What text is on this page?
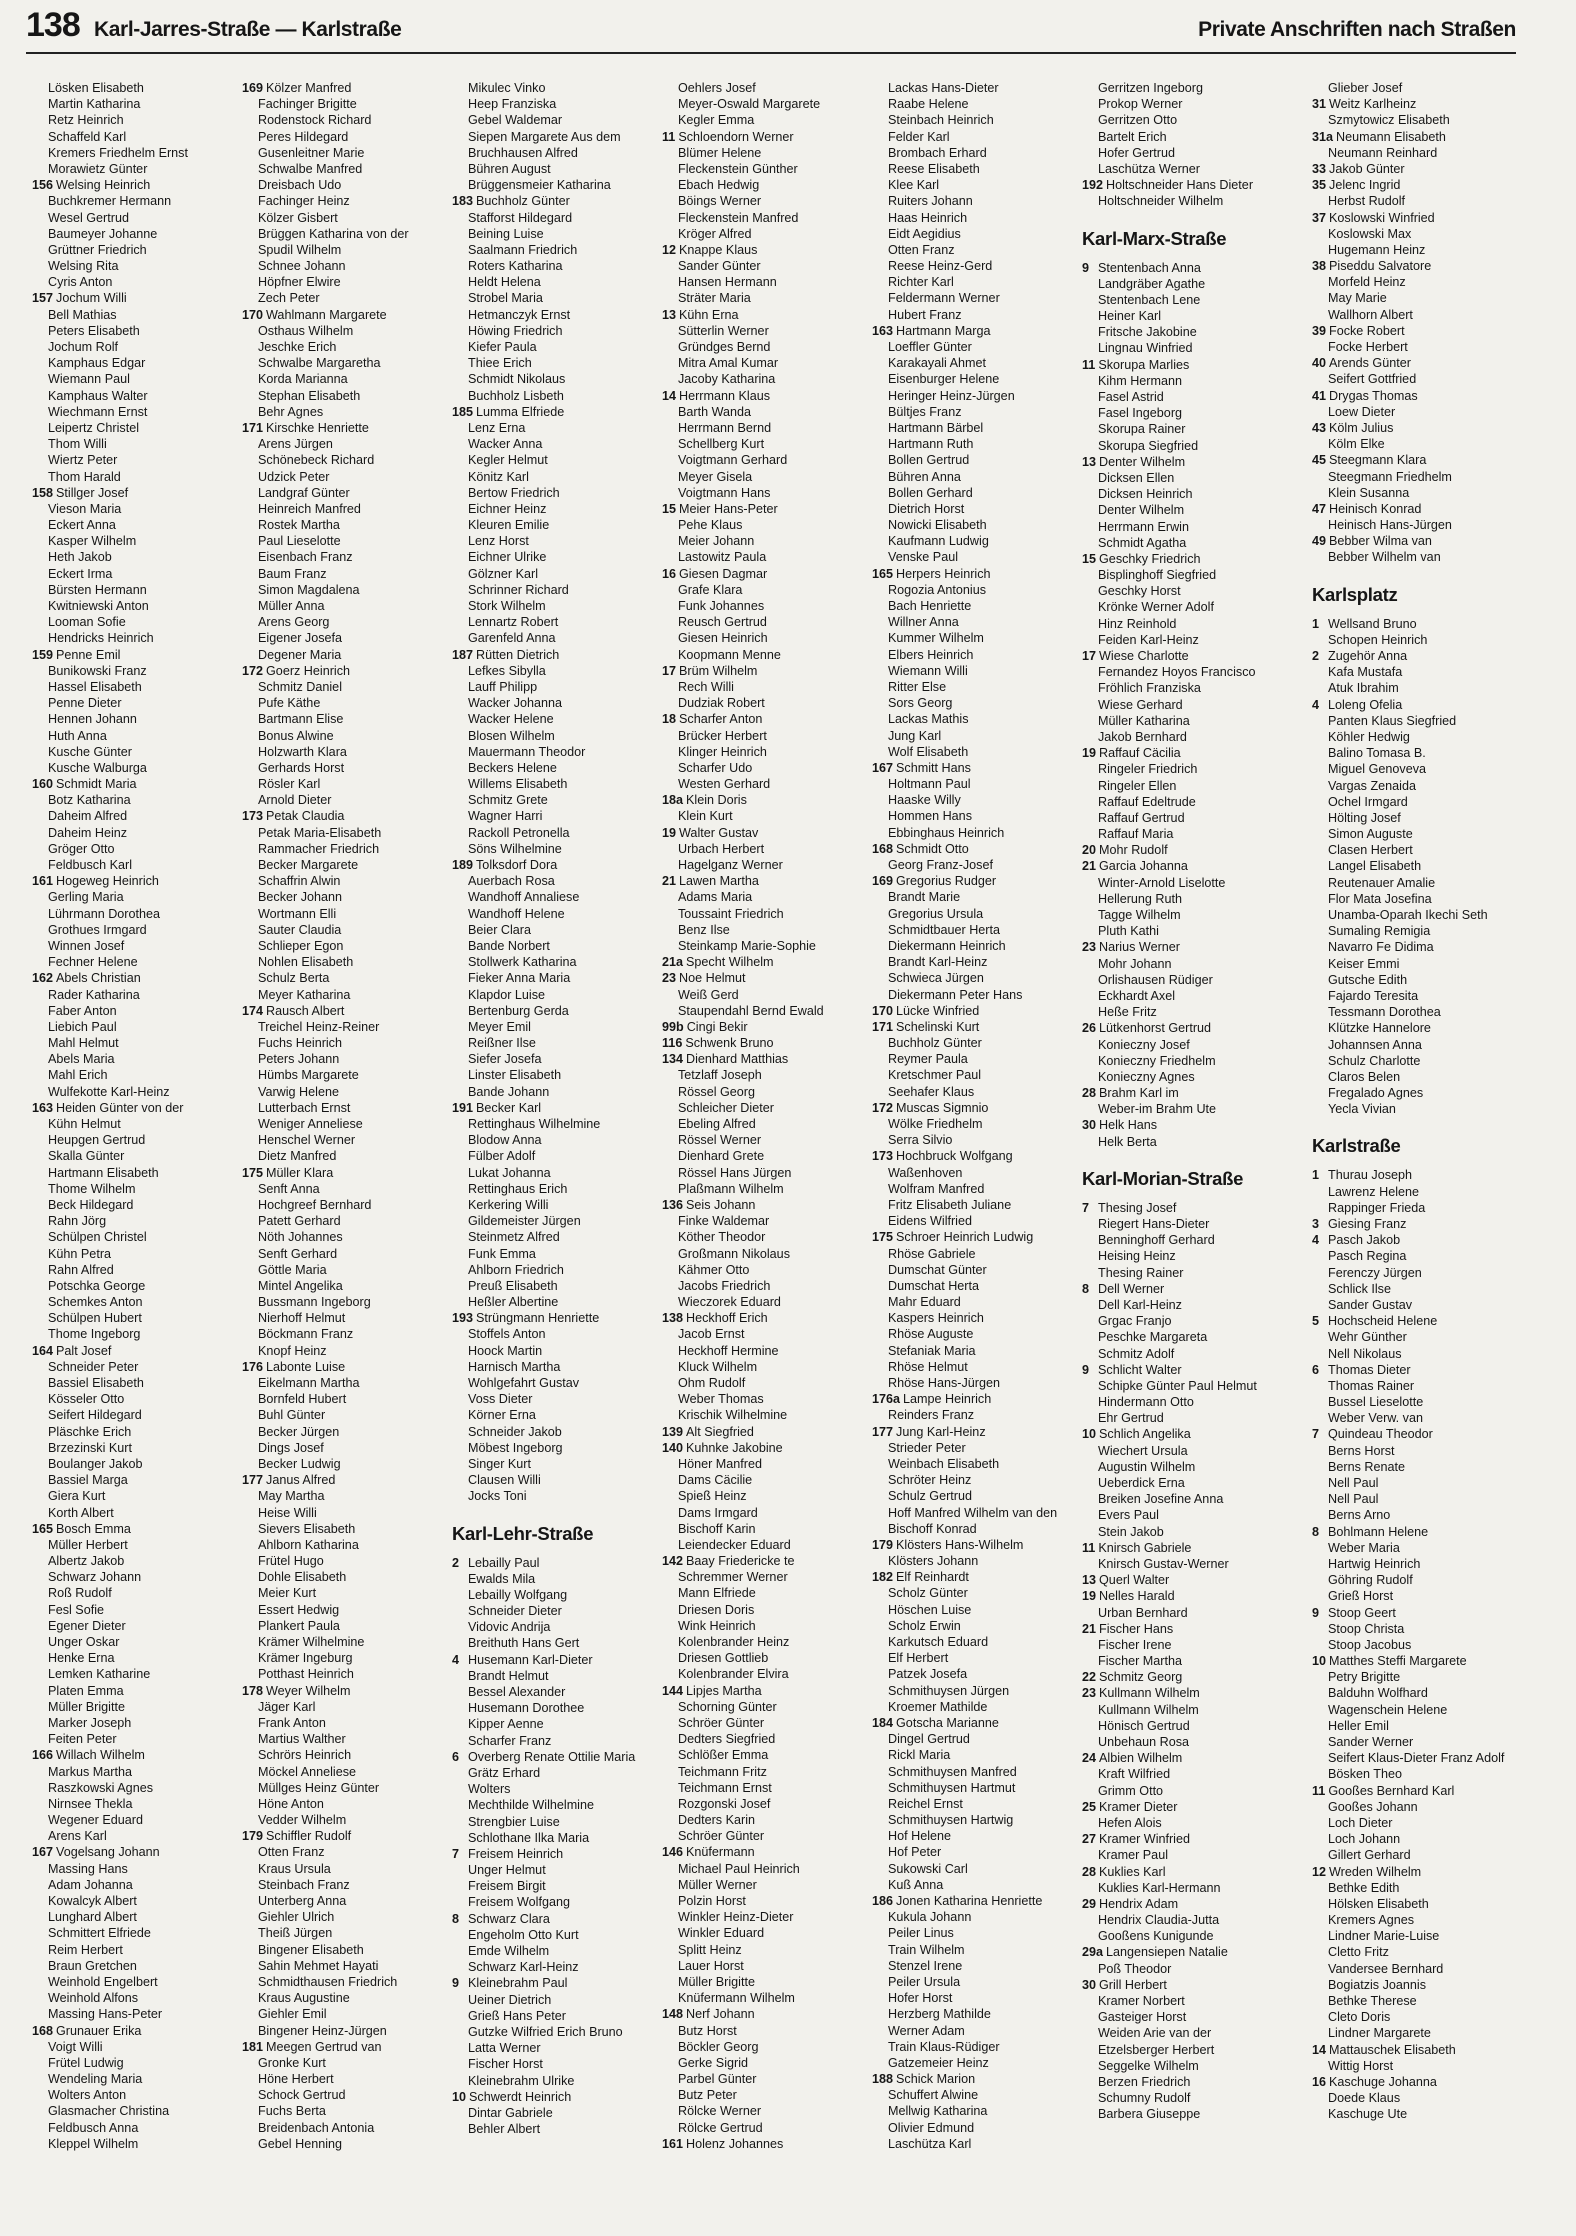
138 Karl-Jarres-Straße — Karlstraße	Private Anschriften nach Straßen
Lösken Elisabeth
Martin Katharina
Retz Heinrich
Schaffeld Karl
Kremers Friedhelm Ernst
Morawietz Günter
156 Welsing Heinrich
Buchkremer Hermann
Wesel Gertrud
Baumeyer Johanne
Grüttner Friedrich
Welsing Rita
Cyris Anton
157 Jochum Willi
Bell Mathias
Peters Elisabeth
Jochum Rolf
Kamphaus Edgar
Wiemann Paul
Kamphaus Walter
Wiechmann Ernst
Leipertz Christel
Thom Willi
Wiertz Peter
Thom Harald
158 Stillger Josef
Vieson Maria
Eckert Anna
Kasper Wilhelm
Heth Jakob
Eckert Irma
Bürsten Hermann
Kwitniewski Anton
Looman Sofie
Hendricks Heinrich
159 Penne Emil
Bunikowski Franz
Hassel Elisabeth
Penne Dieter
Hennen Johann
Huth Anna
Kusche Günter
Kusche Walburga
160 Schmidt Maria
Botz Katharina
Daheim Alfred
Daheim Heinz
Gröger Otto
Feldbusch Karl
161 Hogeweg Heinrich
Gerling Maria
Lührmann Dorothea
Grothues Irmgard
Winnen Josef
Fechner Helene
162 Abels Christian
Rader Katharina
Faber Anton
Liebich Paul
Mahl Helmut
Abels Maria
Mahl Erich
Wulfekotte Karl-Heinz
163 Heiden Günter von der
Kühn Helmut
Heupgen Gertrud
Skalla Günter
Hartmann Elisabeth
Thome Wilhelm
Beck Hildegard
Rahn Jörg
Schülpen Christel
Kühn Petra
Rahn Alfred
Potschka George
Schemkes Anton
Schülpen Hubert
Thome Ingeborg
164 Palt Josef
Schneider Peter
Bassiel Elisabeth
Kösseler Otto
Seifert Hildegard
Pläschke Erich
Brzezinski Kurt
Boulanger Jakob
Bassiel Marga
Giera Kurt
Korth Albert
165 Bosch Emma
Müller Herbert
Albertz Jakob
Schwarz Johann
Roß Rudolf
Fesl Sofie
Egener Dieter
Unger Oskar
Henke Erna
Lemken Katharine
Platen Emma
Müller Brigitte
Marker Joseph
Feiten Peter
166 Willach Wilhelm
Markus Martha
Raszkowski Agnes
Nirnsee Thekla
Wegener Eduard
Arens Karl
167 Vogelsang Johann
Massing Hans
Adam Johanna
Kowalcyk Albert
Lunghard Albert
Schmittert Elfriede
Reim Herbert
Braun Gretchen
Weinhold Engelbert
Weinhold Alfons
Massing Hans-Peter
168 Grunauer Erika
Voigt Willi
Frütel Ludwig
Wendeling Maria
Wolters Anton
Glasmacher Christina
Feldbusch Anna
Kleppel Wilhelm
169 Kölzer Manfred
Fachinger Brigitte
Rodenstock Richard
Peres Hildegard
Gusenleitner Marie
Schwalbe Manfred
Dreisbach Udo
Fachinger Heinz
Kölzer Gisbert
Brüggen Katharina von der
Spudil Wilhelm
Schnee Johann
Höpfner Elwire
Zech Peter
170 Wahlmann Margarete
Osthaus Wilhelm
Jeschke Erich
Schwalbe Margaretha
Korda Marianna
Stephan Elisabeth
Behr Agnes
171 Kirschke Henriette
Arens Jürgen
Schönebeck Richard
Udzick Peter
Landgraf Günter
Heinreich Manfred
Rostek Martha
Paul Lieselotte
Eisenbach Franz
Baum Franz
Simon Magdalena
Müller Anna
Arens Georg
Eigener Josefa
Degener Maria
172 Goerz Heinrich
Schmitz Daniel
Pufe Käthe
Bartmann Elise
Bonus Alwine
Holzwarth Klara
Gerhards Horst
Rösler Karl
Arnold Dieter
173 Petak Claudia
Petak Maria-Elisabeth
Rammacher Friedrich
Becker Margarete
Schaffrin Alwin
Becker Johann
Wortmann Elli
Sauter Claudia
Schlieper Egon
Nohlen Elisabeth
Schulz Berta
Meyer Katharina
174 Rausch Albert
Treichel Heinz-Reiner
Fuchs Heinrich
Peters Johann
Hümbs Margarete
Varwig Helene
Lutterbach Ernst
Weniger Anneliese
Henschel Werner
Dietz Manfred
175 Müller Klara
Senft Anna
Hochgreef Bernhard
Patett Gerhard
Nöth Johannes
Senft Gerhard
Göttle Maria
Mintel Angelika
Bussmann Ingeborg
Nierhoff Helmut
Böckmann Franz
Knopf Heinz
176 Labonte Luise
Eikelmann Martha
Bornfeld Hubert
Buhl Günter
Becker Jürgen
Dings Josef
Becker Ludwig
177 Janus Alfred
May Martha
Heise Willi
Sievers Elisabeth
Ahlborn Katharina
Frütel Hugo
Dohle Elisabeth
Meier Kurt
Essert Hedwig
Plankert Paula
Krämer Wilhelmine
Krämer Ingeburg
Potthast Heinrich
178 Weyer Wilhelm
Jäger Karl
Frank Anton
Martius Walther
Schrörs Heinrich
Möckel Anneliese
Müllges Heinz Günter
Höne Anton
Vedder Wilhelm
179 Schiffler Rudolf
Otten Franz
Kraus Ursula
Steinbach Franz
Unterberg Anna
Giehler Ulrich
Theiß Jürgen
Bingener Elisabeth
Sahin Mehmet Hayati
Schmidthausen Friedrich
Kraus Augustine
Giehler Emil
Bingener Heinz-Jürgen
181 Meegen Gertrud van
Gronke Kurt
Höne Herbert
Schock Gertrud
Fuchs Berta
Breidenbach Antonia
Gebel Henning
Mikulec Vinko
Heep Franziska
Gebel Waldemar
Siepen Margarete Aus dem
Bruchhausen Alfred
Bühren August
Brüggensmeier Katharina
183 Buchholz Günter
Stafforst Hildegard
Beining Luise
Saalmann Friedrich
Roters Katharina
Heldt Helena
Strobel Maria
Hetmanczyk Ernst
Höwing Friedrich
Kiefer Paula
Thiee Erich
Schmidt Nikolaus
Buchholz Lisbeth
185 Lumma Elfriede
Lenz Erna
Wacker Anna
Kegler Helmut
Könitz Karl
Bertow Friedrich
Eichner Heinz
Kleuren Emilie
Lenz Horst
Eichner Ulrike
Gölzner Karl
Schrinner Richard
Stork Wilhelm
Lennartz Robert
Garenfeld Anna
187 Rütten Dietrich
Lefkes Sibylla
Lauff Philipp
Wacker Johanna
Wacker Helene
Blosen Wilhelm
Mauermann Theodor
Beckers Helene
Willems Elisabeth
Schmitz Grete
Wagner Harri
Rackoll Petronella
Söns Wilhelmine
189 Tolksdorf Dora
Auerbach Rosa
Wandhoff Annaliese
Wandhoff Helene
Beier Clara
Bande Norbert
Stollwerk Katharina
Fieker Anna Maria
Klapdor Luise
Bertenburg Gerda
Meyer Emil
Reißner Ilse
Siefer Josefa
Linster Elisabeth
Bande Johann
191 Becker Karl
Rettinghaus Wilhelmine
Blodow Anna
Fülber Adolf
Lukat Johanna
Rettinghaus Erich
Kerkering Willi
Gildemeister Jürgen
Steinmetz Alfred
Funk Emma
Ahlborn Friedrich
Preuß Elisabeth
Heßler Albertine
193 Strüngmann Henriette
Stoffels Anton
Hoock Martin
Harnisch Martha
Wohlgefahrt Gustav
Voss Dieter
Körner Erna
Schneider Jakob
Möbest Ingeborg
Singer Kurt
Clausen Willi
Jocks Toni
Karl-Lehr-Straße
2 Lebailly Paul
Ewalds Mila
Lebailly Wolfgang
Schneider Dieter
Vidovic Andrija
Breithuth Hans Gert
4 Husemann Karl-Dieter
Brandt Helmut
Bessel Alexander
Husemann Dorothee
Kipper Aenne
Scharfer Franz
6 Overberg Renate Ottilie Maria
Grätz Erhard
Wolters
Mechthilde Wilhelmine
Strengbier Luise
Schlothane Ilka Maria
7 Freisem Heinrich
Unger Helmut
Freisem Birgit
Freisem Wolfgang
8 Schwarz Clara
Engeholm Otto Kurt
Emde Wilhelm
Schwarz Karl-Heinz
9 Kleinebrahm Paul
Ueiner Dietrich
Grieß Hans Peter
Gutzke Wilfried Erich Bruno
Latta Werner
Fischer Horst
Kleinebrahm Ulrike
10 Schwerdt Heinrich
Dintar Gabriele
Behler Albert
Oehlers Josef
Meyer-Oswald Margarete
Kegler Emma
11 Schloendorn Werner
Blümer Helene
Fleckenstein Günther
Ebach Hedwig
Böings Werner
Fleckenstein Manfred
Kröger Alfred
12 Knappe Klaus
Sander Günter
Hansen Hermann
Sträter Maria
13 Kühn Erna
Sütterlin Werner
Gründges Bernd
Mitra Amal Kumar
Jacoby Katharina
14 Herrmann Klaus
Barth Wanda
Herrmann Bernd
Schellberg Kurt
Voigtmann Gerhard
Meyer Gisela
Voigtmann Hans
15 Meier Hans-Peter
Pehe Klaus
Meier Johann
Lastowitz Paula
16 Giesen Dagmar
Grafe Klara
Funk Johannes
Reusch Gertrud
Giesen Heinrich
Koopmann Menne
17 Brüm Wilhelm
Rech Willi
Dudziak Robert
18 Scharfer Anton
Brücker Herbert
Klinger Heinrich
Scharfer Udo
Westen Gerhard
18a Klein Doris
Klein Kurt
19 Walter Gustav
Urbach Herbert
Hagelganz Werner
21 Lawen Martha
Adams Maria
Toussaint Friedrich
Benz Ilse
Steinkamp Marie-Sophie
21a Specht Wilhelm
23 Noe Helmut
Weiß Gerd
Staupendahl Bernd Ewald
99b Cingi Bekir
116 Schwenk Bruno
134 Dienhard Matthias
Tetzlaff Joseph
Rössel Georg
Schleicher Dieter
Ebeling Alfred
Rössel Werner
Dienhard Grete
Rössel Hans Jürgen
Plaßmann Wilhelm
136 Seis Johann
Finke Waldemar
Köther Theodor
Großmann Nikolaus
Kähmer Otto
Jacobs Friedrich
Wieczorek Eduard
138 Heckhoff Erich
Jacob Ernst
Heckhoff Hermine
Kluck Wilhelm
Ohm Rudolf
Weber Thomas
Krischik Wilhelmine
139 Alt Siegfried
140 Kuhnke Jakobine
Höner Manfred
Dams Cäcilie
Spieß Heinz
Dams Irmgard
Bischoff Karin
Leiendecker Eduard
142 Baay Friedericke te
Schremmer Werner
Mann Elfriede
Driesen Doris
Wink Heinrich
Kolenbrander Heinz
Driesen Gottlieb
Kolenbrander Elvira
144 Lipjes Martha
Schorning Günter
Schröer Günter
Dedters Siegfried
Schlößer Emma
Teichmann Fritz
Teichmann Ernst
Rozgonski Josef
Dedters Karin
Schröer Günter
146 Knüfermann
Michael Paul Heinrich
Müller Werner
Polzin Horst
Winkler Heinz-Dieter
Winkler Eduard
Splitt Heinz
Lauer Horst
Müller Brigitte
Knüfermann Wilhelm
148 Nerf Johann
Butz Horst
Böckler Georg
Gerke Sigrid
Parbel Günter
Butz Peter
Rölcke Werner
Rölcke Gertrud
161 Holenz Johannes
Lackas Hans-Dieter
Raabe Helene
Steinbach Heinrich
Felder Karl
Brombach Erhard
Reese Elisabeth
Klee Karl
Ruiters Johann
Haas Heinrich
Eidt Aegidius
Otten Franz
Reese Heinz-Gerd
Richter Karl
Feldermann Werner
Hubert Franz
163 Hartmann Marga
Loeffler Günter
Karakayali Ahmet
Eisenburger Helene
Heringer Heinz-Jürgen
Bültjes Franz
Hartmann Bärbel
Hartmann Ruth
Bollen Gertrud
Bühren Anna
Bollen Gerhard
Dietrich Horst
Nowicki Elisabeth
Kaufmann Ludwig
Venske Paul
165 Herpers Heinrich
Rogozia Antonius
Bach Henriette
Willner Anna
Kummer Wilhelm
Elbers Heinrich
Wiemann Willi
Ritter Else
Sors Georg
Lackas Mathis
Jung Karl
Wolf Elisabeth
167 Schmitt Hans
Holtmann Paul
Haaske Willy
Hommen Hans
Ebbinghaus Heinrich
168 Schmidt Otto
Georg Franz-Josef
169 Gregorius Rudger
Brandt Marie
Gregorius Ursula
Schmidtbauer Herta
Diekermann Heinrich
Brandt Karl-Heinz
Schwieca Jürgen
Diekermann Peter Hans
170 Lücke Winfried
171 Schelinski Kurt
Buchholz Günter
Reymer Paula
Kretschmer Paul
Seehafer Klaus
172 Muscas Sigmnio
Wölke Friedhelm
Serra Silvio
173 Hochbruck Wolfgang
Waßenhoven
Wolfram Manfred
Fritz Elisabeth Juliane
Eidens Wilfried
175 Schroer Heinrich Ludwig
Rhöse Gabriele
Dumschat Günter
Dumschat Herta
Mahr Eduard
Kaspers Heinrich
Rhöse Auguste
Stefaniak Maria
Rhöse Helmut
Rhöse Hans-Jürgen
176a Lampe Heinrich
Reinders Franz
177 Jung Karl-Heinz
Strieder Peter
Weinbach Elisabeth
Schröter Heinz
Schulz Gertrud
Hoff Manfred Wilhelm van den
Bischoff Konrad
179 Klösters Hans-Wilhelm
Klösters Johann
182 Elf Reinhardt
Scholz Günter
Höschen Luise
Scholz Erwin
Karkutsch Eduard
Elf Herbert
Patzek Josefa
Schmithuysen Jürgen
Kroemer Mathilde
184 Gotscha Marianne
Dingel Gertrud
Rickl Maria
Schmithuysen Manfred
Schmithuysen Hartmut
Reichel Ernst
Schmithuysen Hartwig
Hof Helene
Hof Peter
Sukowski Carl
Kuß Anna
186 Jonen Katharina Henriette
Kukula Johann
Peiler Linus
Train Wilhelm
Stenzel Irene
Peiler Ursula
Hofer Horst
Herzberg Mathilde
Werner Adam
Train Klaus-Rüdiger
Gatzemeier Heinz
188 Schick Marion
Schuffert Alwine
Mellwig Katharina
Olivier Edmund
Laschütza Karl
Gerritzen Ingeborg
Prokop Werner
Gerritzen Otto
Bartelt Erich
Hofer Gertrud
Laschütza Werner
192 Holtschneider Hans Dieter
Holtschneider Wilhelm
Karl-Marx-Straße
9 Stentenbach Anna
Landgräber Agathe
Stentenbach Lene
Heiner Karl
Fritsche Jakobine
Lingnau Winfried
11 Skorupa Marlies
Kihm Hermann
Fasel Astrid
Fasel Ingeborg
Skorupa Rainer
Skorupa Siegfried
13 Denter Wilhelm
Dicksen Ellen
Dicksen Heinrich
Denter Wilhelm
Herrmann Erwin
Schmidt Agatha
15 Geschky Friedrich
Bisplinghoff Siegfried
Geschky Horst
Krönke Werner Adolf
Hinz Reinhold
Feiden Karl-Heinz
17 Wiese Charlotte
Fernandez Hoyos Francisco
Fröhlich Franziska
Wiese Gerhard
Müller Katharina
Jakob Bernhard
19 Raffauf Cäcilia
Ringeler Friedrich
Ringeler Ellen
Raffauf Edeltrude
Raffauf Gertrud
Raffauf Maria
20 Mohr Rudolf
21 Garcia Johanna
Winter-Arnold Liselotte
Hellerung Ruth
Tagge Wilhelm
Pluth Kathi
23 Narius Werner
Mohr Johann
Orlishausen Rüdiger
Eckhardt Axel
Heße Fritz
26 Lütkenhorst Gertrud
Konieczny Josef
Konieczny Friedhelm
Konieczny Agnes
28 Brahm Karl im
Weber-im Brahm Ute
30 Helk Hans
Helk Berta
Karl-Morian-Straße
7 Thesing Josef
Riegert Hans-Dieter
Benninghoff Gerhard
Heising Heinz
Thesing Rainer
8 Dell Werner
Dell Karl-Heinz
Grgac Franjo
Peschke Margareta
Schmitz Adolf
9 Schlicht Walter
Schipke Günter Paul Helmut
Hindermann Otto
Ehr Gertrud
10 Schlich Angelika
Wiechert Ursula
Augustin Wilhelm
Ueberdick Erna
Breiken Josefine Anna
Evers Paul
Stein Jakob
11 Knirsch Gabriele
Knirsch Gustav-Werner
13 Querl Walter
19 Nelles Harald
Urban Bernhard
21 Fischer Hans
Fischer Irene
Fischer Martha
22 Schmitz Georg
23 Kullmann Wilhelm
Kullmann Wilhelm
Hönisch Gertrud
Unbehaun Rosa
24 Albien Wilhelm
Kraft Wilfried
Grimm Otto
25 Kramer Dieter
Hefen Alois
27 Kramer Winfried
Kramer Paul
28 Kuklies Karl
Kuklies Karl-Hermann
29 Hendrix Adam
Hendrix Claudia-Jutta
Gooßens Kunigunde
29a Langensiepen Natalie
Poß Theodor
30 Grill Herbert
Kramer Norbert
Gasteiger Horst
Weiden Arie van der
Etzelsberger Herbert
Seggelke Wilhelm
Berzen Friedrich
Schumny Rudolf
Barbera Giuseppe
Glieber Josef
31 Weitz Karlheinz
Szmytowicz Elisabeth
31a Neumann Elisabeth
Neumann Reinhard
33 Jakob Günter
35 Jelenc Ingrid
Herbst Rudolf
37 Koslowski Winfried
Koslowski Max
Hugemann Heinz
38 Piseddu Salvatore
Morfeld Heinz
May Marie
Wallhorn Albert
39 Focke Robert
Focke Herbert
40 Arends Günter
Seifert Gottfried
41 Drygas Thomas
Loew Dieter
43 Kölm Julius
Kölm Elke
45 Steegmann Klara
Steegmann Friedhelm
Klein Susanna
47 Heinisch Konrad
Heinisch Hans-Jürgen
49 Bebber Wilma van
Bebber Wilhelm van
Karlsplatz
1 Wellsand Bruno
Schopen Heinrich
2 Zugehör Anna
Kafa Mustafa
Atuk Ibrahim
4 Loleng Ofelia
Panten Klaus Siegfried
Köhler Hedwig
Balino Tomasa B.
Miguel Genoveva
Vargas Zenaida
Ochel Irmgard
Hölting Josef
Simon Auguste
Clasen Herbert
Langel Elisabeth
Reutenauer Amalie
Flor Mata Josefina
Unamba-Oparah Ikechi Seth
Sumaling Remigia
Navarro Fe Didima
Keiser Emmi
Gutsche Edith
Fajardo Teresita
Tessmann Dorothea
Klützke Hannelore
Johannsen Anna
Schulz Charlotte
Claros Belen
Fregalado Agnes
Yecla Vivian
Karlstraße
1 Thurau Joseph
Lawrenz Helene
Rappinger Frieda
3 Giesing Franz
4 Pasch Jakob
Pasch Regina
Ferenczy Jürgen
Schlick Ilse
Sander Gustav
5 Hochscheid Helene
Wehr Günther
Nell Nikolaus
6 Thomas Dieter
Thomas Rainer
Bussel Lieselotte
Weber Verw. van
7 Quindeau Theodor
Berns Horst
Berns Renate
Nell Paul
Nell Paul
Berns Arno
8 Bohlmann Helene
Weber Maria
Hartwig Heinrich
Göhring Rudolf
Grieß Horst
9 Stoop Geert
Stoop Christa
Stoop Jacobus
10 Matthes Steffi Margarete
Petry Brigitte
Balduhn Wolfhard
Wagenschein Helene
Heller Emil
Sander Werner
Seifert Klaus-Dieter Franz Adolf
Bösken Theo
11 Gooßes Bernhard Karl
Gooßes Johann
Loch Dieter
Loch Johann
Gillert Gerhard
12 Wreden Wilhelm
Bethke Edith
Hölsken Elisabeth
Kremers Agnes
Lindner Marie-Luise
Cletto Fritz
Vandersee Bernhard
Bogiatzis Joannis
Bethke Therese
Cleto Doris
Lindner Margarete
14 Mattauschek Elisabeth
Wittig Horst
16 Kaschuge Johanna
Doede Klaus
Kaschuge Ute
